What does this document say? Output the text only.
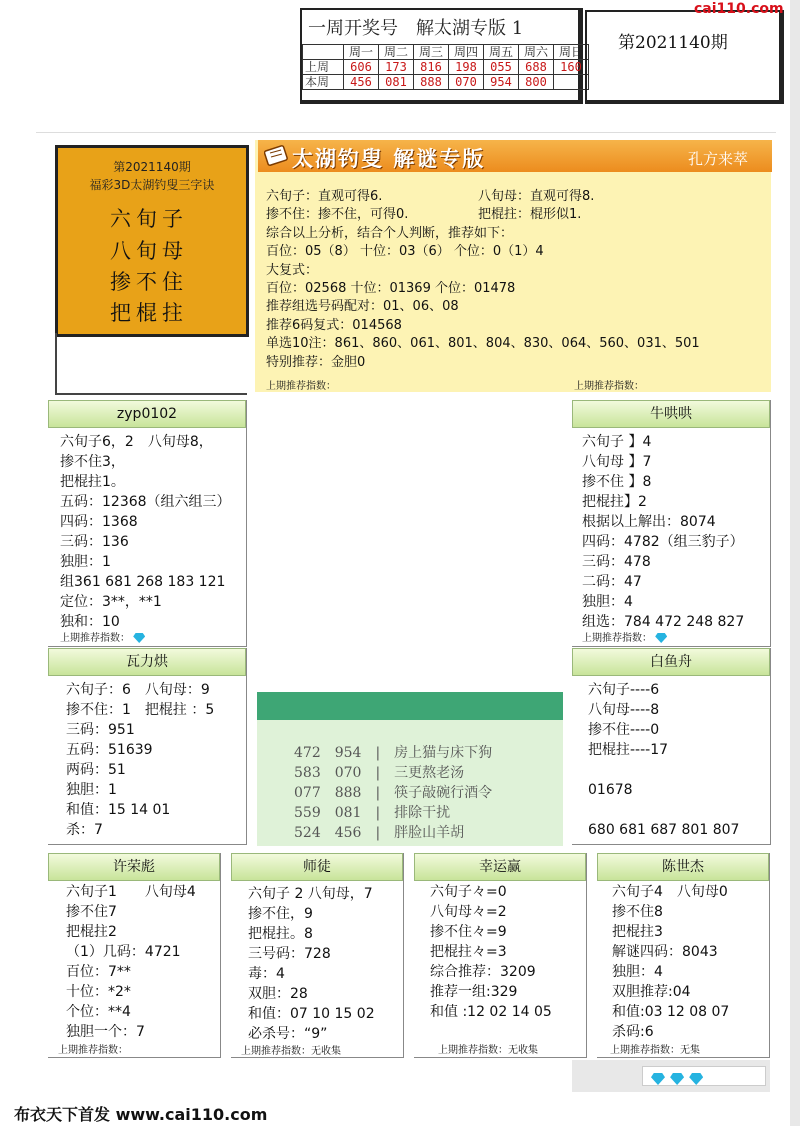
一周开奖号　解太湖专版 1
	周一	周二	周三	周四	周五	周六	周日
上周	606	173	816	198	055	688	160
本周	456	081	888	070	954	800	
第2021140期
cai110.com
第2021140期
福彩3D太湖钓叟三字诀
六旬子
八旬母
掺不住
把棍拄
太湖钓叟 解谜专版	孔方来萃
六旬子：直观可得6.
掺不住：掺不住，可得0.
八旬母：直观可得8.
把棍拄：棍形似1.
综合以上分析，结合个人判断，推荐如下：
百位：05（8） 十位：03（6） 个位：0（1）4
大复式：
百位：02568 十位：01369 个位：01478
推荐组选号码配对：01、06、08
推荐6码复式：014568
单选10注：861、860、061、801、804、830、064、560、031、501
特别推荐：金胆0
上期推荐指数：	上期推荐指数：
zyp0102
六旬子6，2　八旬母8，
掺不住3，
把棍拄1。
五码：12368（组六组三）
四码：1368
三码：136
独胆：1
组361 681 268 183 121
定位：3**，**1
独和：10
上期推荐指数：
牛哄哄
六旬子 】4
八旬母 】7
掺不住 】8
把棍拄】2
根据以上解出：8074
四码：4782（组三豹子）
三码：478
二码：47
独胆：4
组选：784 472 248 827
上期推荐指数：
瓦力烘
六旬子：6　八旬母：9
掺不住：1　把棍拄 ：5
三码：951
五码：51639
两码：51
独胆：1
和值：15 14 01
杀：7
白鱼舟
六旬子----6
八旬母----8
掺不住----0
把棍拄----17
01678
680 681 687 801 807
472　954　|　房上猫与床下狗
583　070　|　三更熬老汤
077　888　|　筷子敲碗行酒令
559　081　|　排除干扰
524　456　|　胖脸山羊胡
许荣彪
六旬子1　　八旬母4
掺不住7
把棍拄2
（1）几码：4721
百位：7**
十位：*2*
个位：**4
独胆一个：7
上期推荐指数：
师徒
六旬子 2 八旬母，7
掺不住，9
把棍拄。8
三号码：728
毒：4
双胆：28
和值：07 10 15 02
必杀号：“9”
上期推荐指数：无收集
幸运赢
六旬子々=0
八旬母々=2
掺不住々=9
把棍拄々=3
综合推荐：3209
推荐一组:329
和值 :12 02 14 05
上期推荐指数：无收集
陈世杰
六旬子4　八旬母0
掺不住8
把棍拄3
解谜四码：8043
独胆：4
双胆推荐:04
和值:03 12 08 07
杀码:6
上期推荐指数：无集

布衣天下首发 www.cai110.com
